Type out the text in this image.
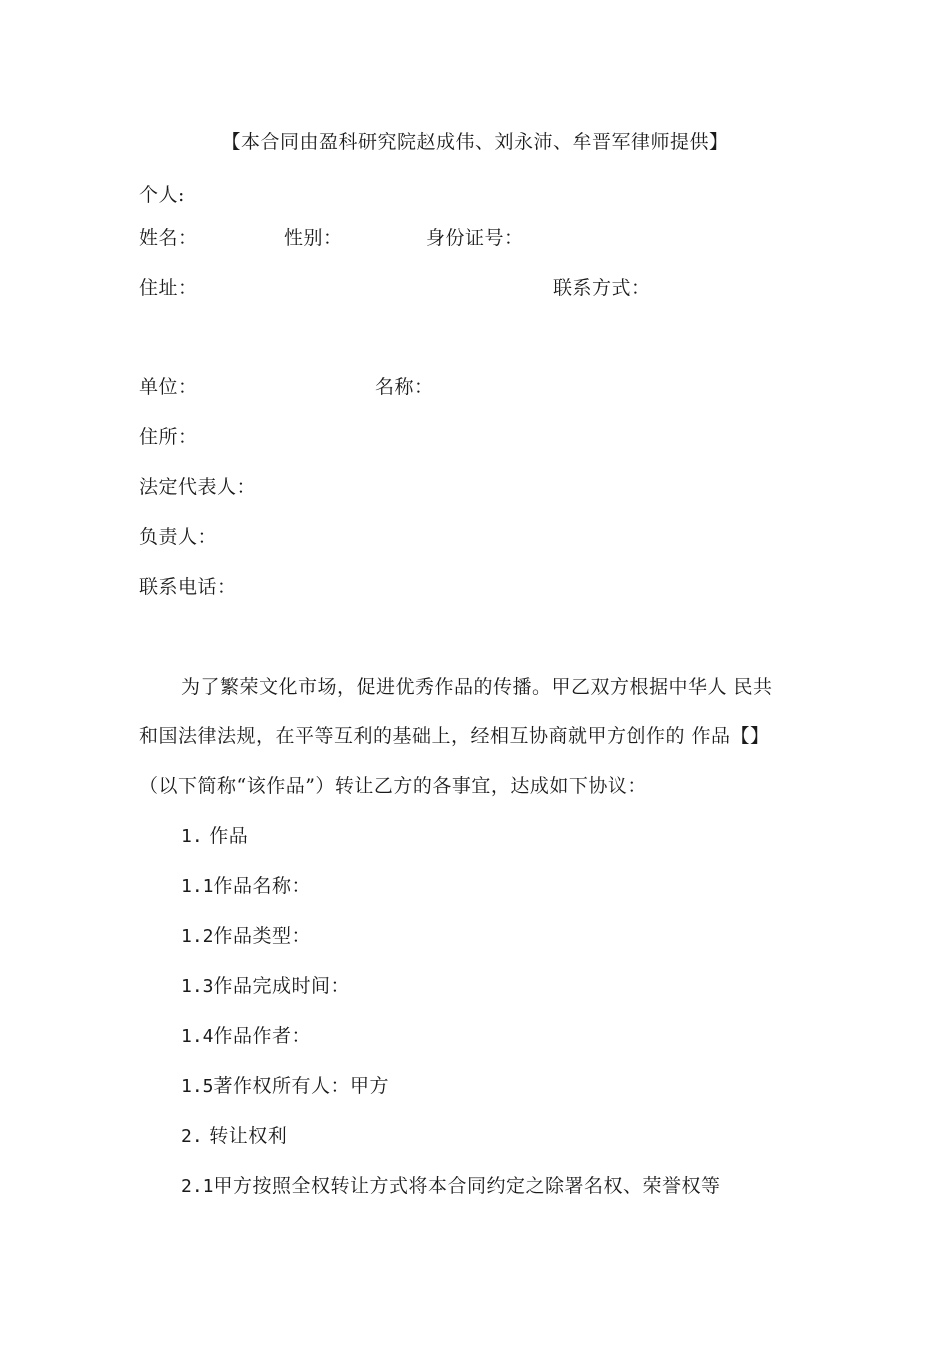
【本合同由盈科研究院赵成伟、刘永沛、牟晋军律师提供】
个人:
姓名：	性别：	身份证号：
住址：	联系方式：
单位：	名称：
住所：
法定代表人：
负责人：
联系电话：
为了繁荣文化市场，促进优秀作品的传播。甲乙双方根据中华人 民共
和国法律法规，在平等互利的基础上，经相互协商就甲方创作的 作品【】
（以下简称“该作品”）转让乙方的各事宜，达成如下协议：
1. 作品
1.1作品名称：
1.2作品类型：
1.3作品完成时间：
1.4作品作者：
1.5著作权所有人：甲方
2. 转让权利
2.1甲方按照全权转让方式将本合同约定之除署名权、荣誉权等
